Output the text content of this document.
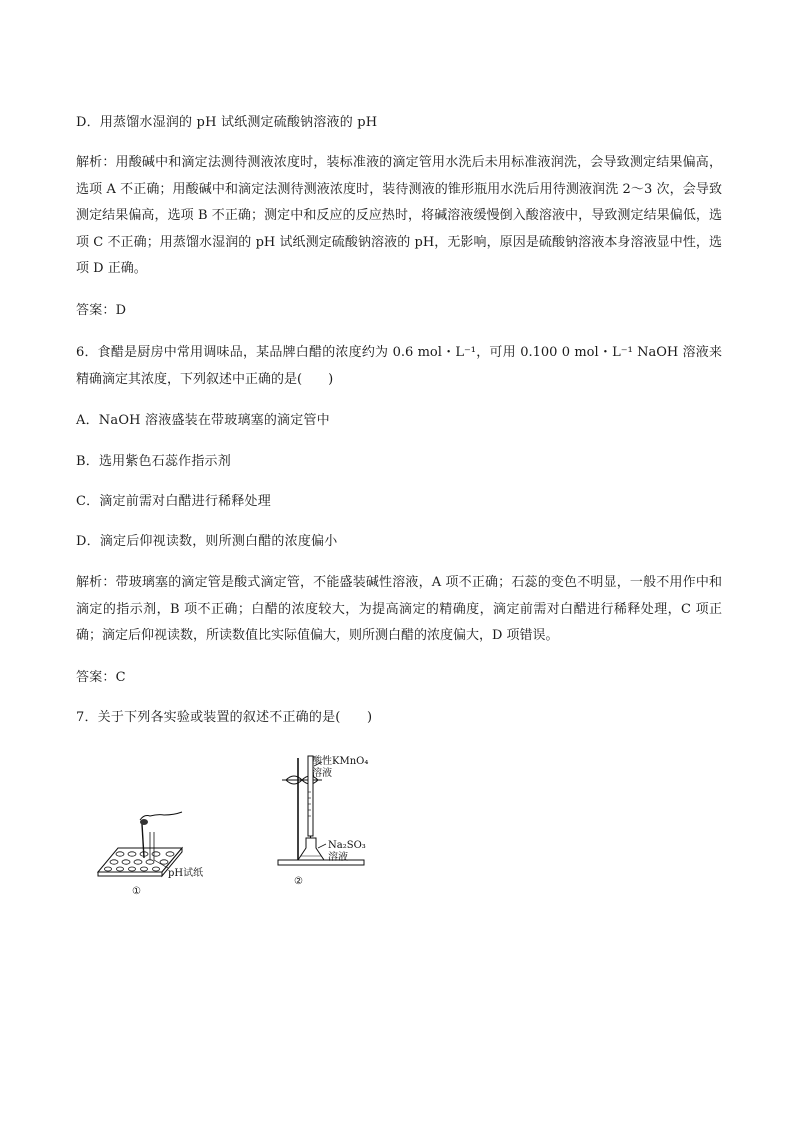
D．用蒸馏水湿润的 pH 试纸测定硫酸钠溶液的 pH
解析：用酸碱中和滴定法测待测液浓度时，装标准液的滴定管用水洗后未用标准液润洗，会导致测定结果偏高，选项 A 不正确；用酸碱中和滴定法测待测液浓度时，装待测液的锥形瓶用水洗后用待测液润洗 2～3 次，会导致测定结果偏高，选项 B 不正确；测定中和反应的反应热时，将碱溶液缓慢倒入酸溶液中，导致测定结果偏低，选项 C 不正确；用蒸馏水湿润的 pH 试纸测定硫酸钠溶液的 pH，无影响，原因是硫酸钠溶液本身溶液显中性，选项 D 正确。
答案：D
6．食醋是厨房中常用调味品，某品牌白醋的浓度约为 0.6 mol・L⁻¹，可用 0.100 0 mol・L⁻¹ NaOH 溶液来精确滴定其浓度，下列叙述中正确的是(　　)
A．NaOH 溶液盛装在带玻璃塞的滴定管中
B．选用紫色石蕊作指示剂
C．滴定前需对白醋进行稀释处理
D．滴定后仰视读数，则所测白醋的浓度偏小
解析：带玻璃塞的滴定管是酸式滴定管，不能盛装碱性溶液，A 项不正确；石蕊的变色不明显，一般不用作中和滴定的指示剂，B 项不正确；白醋的浓度较大，为提高滴定的精确度，滴定前需对白醋进行稀释处理，C 项正确；滴定后仰视读数，所读数值比实际值偏大，则所测白醋的浓度偏大，D 项错误。
答案：C
7．关于下列各实验或装置的叙述不正确的是(　　)
pH试纸
①
酸性KMnO₄
溶液
Na₂SO₃
溶液
②
